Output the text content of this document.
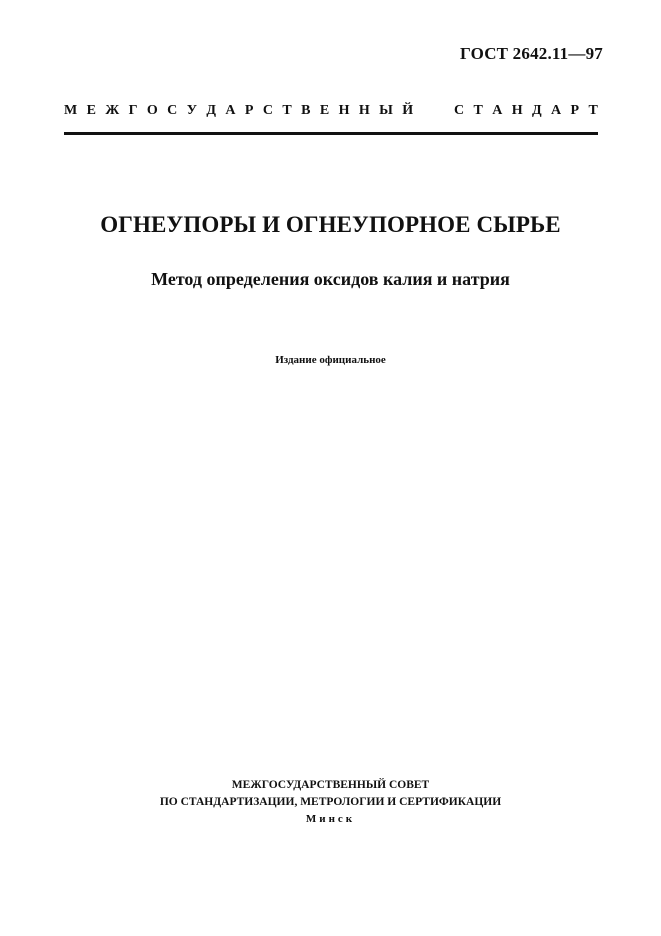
ГОСТ 2642.11—97
М Е Ж Г О С У Д А Р С Т В Е Н Н Ы Й	С Т А Н Д А Р Т
ОГНЕУПОРЫ И ОГНЕУПОРНОЕ СЫРЬЕ
Метод определения оксидов калия и натрия
Издание официальное
МЕЖГОСУДАРСТВЕННЫЙ СОВЕТ
ПО СТАНДАРТИЗАЦИИ, МЕТРОЛОГИИ И СЕРТИФИКАЦИИ
Минск
